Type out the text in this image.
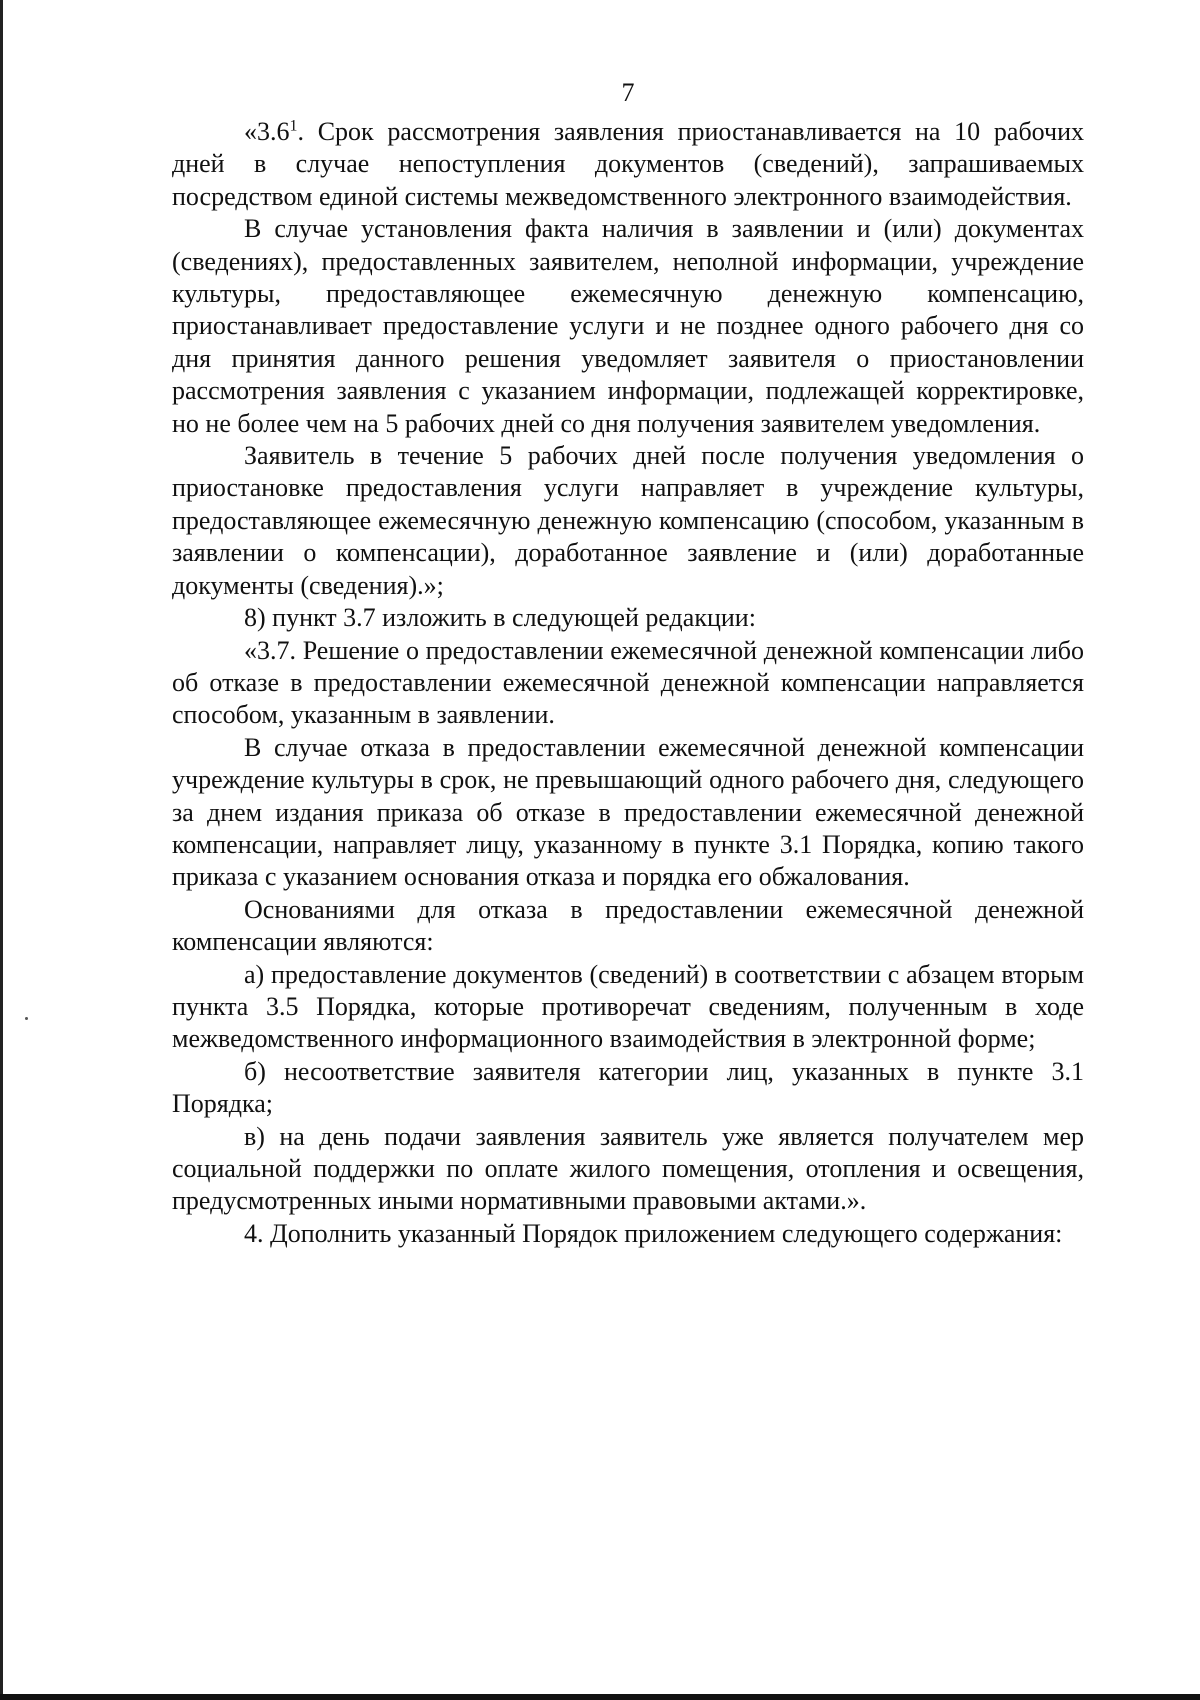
7

«$3.6^1$. Срок рассмотрения заявления приостанавливается на 10 рабочих дней в случае непоступления документов (сведений), запрашиваемых посредством единой системы межведомственного электронного взаимодействия.

В случае установления факта наличия в заявлении и (или) документах (сведениях), предоставленных заявителем, неполной информации, учреждение культуры, предоставляющее ежемесячную денежную компенсацию, приостанавливает предоставление услуги и не позднее одного рабочего дня со дня принятия данного решения уведомляет заявителя о приостановлении рассмотрения заявления с указанием информации, подлежащей корректировке, но не более чем на 5 рабочих дней со дня получения заявителем уведомления.

Заявитель в течение 5 рабочих дней после получения уведомления о приостановке предоставления услуги направляет в учреждение культуры, предоставляющее ежемесячную денежную компенсацию (способом, указанным в заявлении о компенсации), доработанное заявление и (или) доработанные документы (сведения).»;

8) пункт 3.7 изложить в следующей редакции:

«3.7. Решение о предоставлении ежемесячной денежной компенсации либо об отказе в предоставлении ежемесячной денежной компенсации направляется способом, указанным в заявлении.

В случае отказа в предоставлении ежемесячной денежной компенсации учреждение культуры в срок, не превышающий одного рабочего дня, следующего за днем издания приказа об отказе в предоставлении ежемесячной денежной компенсации, направляет лицу, указанному в пункте 3.1 Порядка, копию такого приказа с указанием основания отказа и порядка его обжалования.

Основаниями для отказа в предоставлении ежемесячной денежной компенсации являются:

а) предоставление документов (сведений) в соответствии с абзацем вторым пункта 3.5 Порядка, которые противоречат сведениям, полученным в ходе межведомственного информационного взаимодействия в электронной форме;

б) несоответствие заявителя категории лиц, указанных в пункте 3.1 Порядка;

в) на день подачи заявления заявитель уже является получателем мер социальной поддержки по оплате жилого помещения, отопления и освещения, предусмотренных иными нормативными правовыми актами.».

4. Дополнить указанный Порядок приложением следующего содержания:
